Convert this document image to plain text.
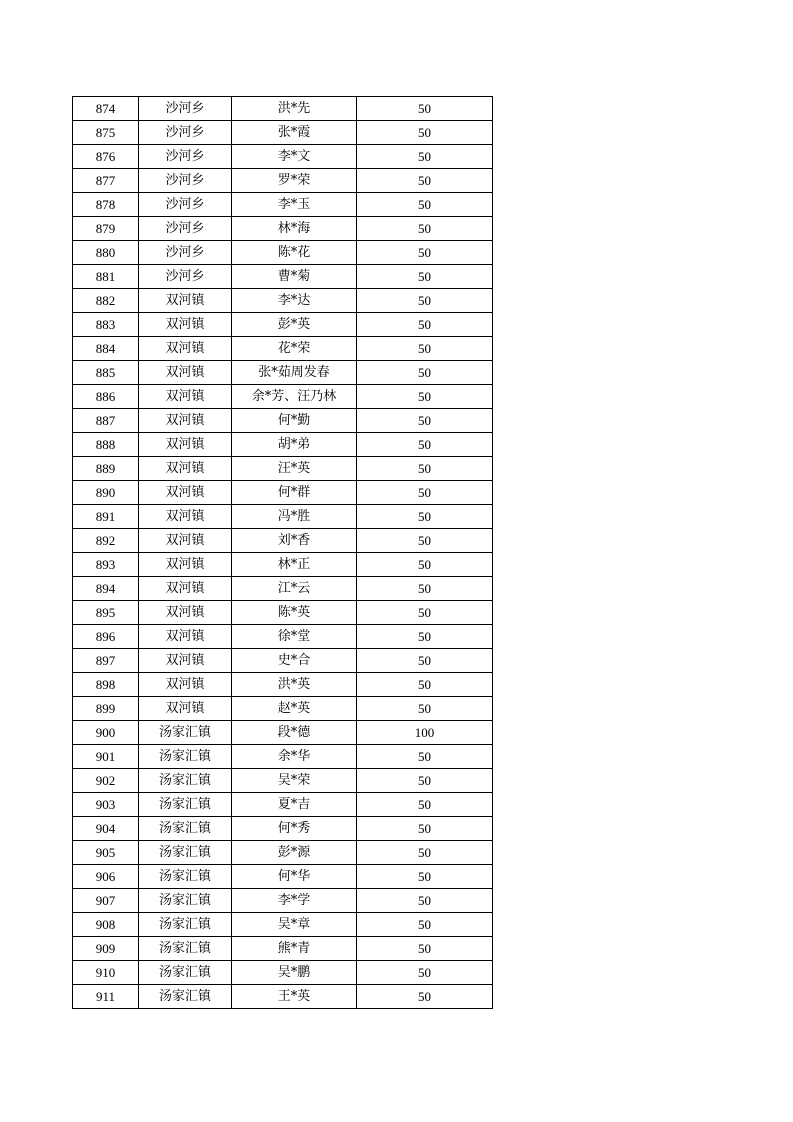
874	沙河乡	洪*先	50
875	沙河乡	张*霞	50
876	沙河乡	李*文	50
877	沙河乡	罗*荣	50
878	沙河乡	李*玉	50
879	沙河乡	林*海	50
880	沙河乡	陈*花	50
881	沙河乡	曹*菊	50
882	双河镇	李*达	50
883	双河镇	彭*英	50
884	双河镇	花*荣	50
885	双河镇	张*茹周发春	50
886	双河镇	余*芳、汪乃林	50
887	双河镇	何*勤	50
888	双河镇	胡*弟	50
889	双河镇	汪*英	50
890	双河镇	何*群	50
891	双河镇	冯*胜	50
892	双河镇	刘*香	50
893	双河镇	林*正	50
894	双河镇	江*云	50
895	双河镇	陈*英	50
896	双河镇	徐*堂	50
897	双河镇	史*合	50
898	双河镇	洪*英	50
899	双河镇	赵*英	50
900	汤家汇镇	段*德	100
901	汤家汇镇	余*华	50
902	汤家汇镇	吴*荣	50
903	汤家汇镇	夏*吉	50
904	汤家汇镇	何*秀	50
905	汤家汇镇	彭*源	50
906	汤家汇镇	何*华	50
907	汤家汇镇	李*学	50
908	汤家汇镇	吴*章	50
909	汤家汇镇	熊*青	50
910	汤家汇镇	吴*鹏	50
911	汤家汇镇	王*英	50
